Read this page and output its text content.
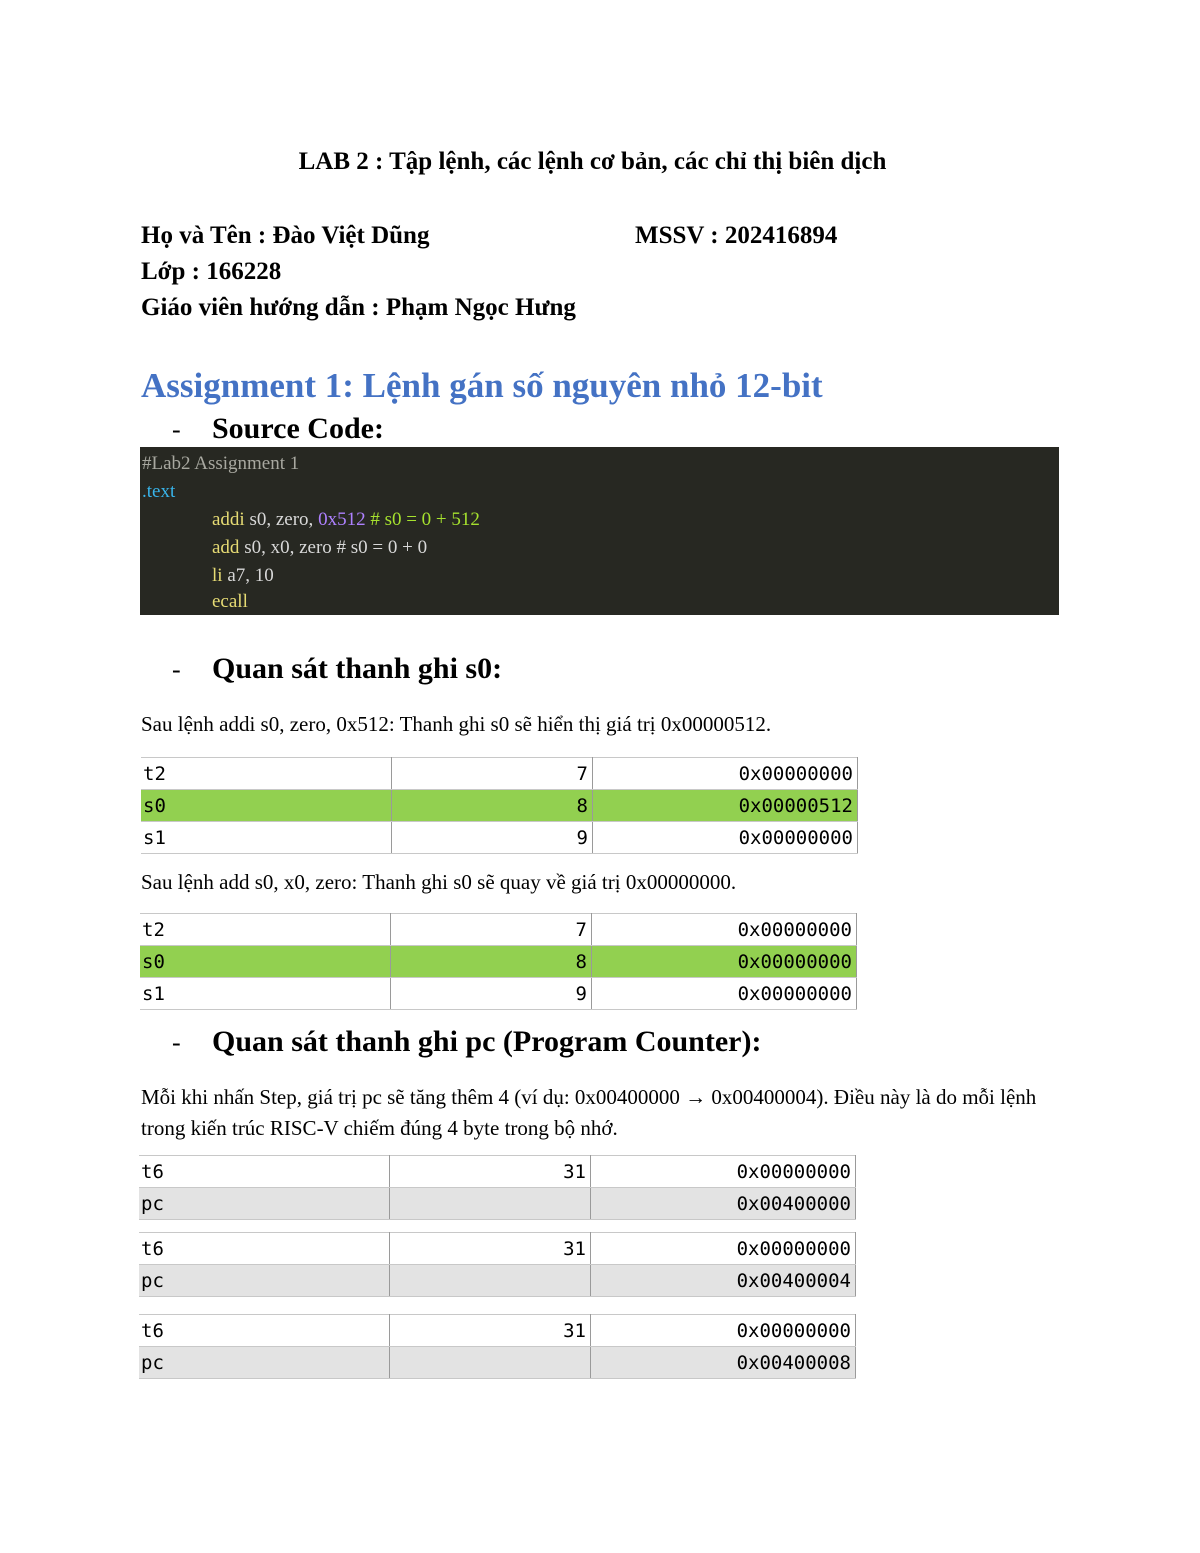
LAB 2 : Tập lệnh, các lệnh cơ bản, các chỉ thị biên dịch
Họ và Tên : Đào Việt Dũng	MSSV : 202416894
Lớp : 166228
Giáo viên hướng dẫn : Phạm Ngọc Hưng
Assignment 1: Lệnh gán số nguyên nhỏ 12-bit
- Source Code:
#Lab2 Assignment 1
.text
addi s0, zero, 0x512 # s0 = 0 + 512
add s0, x0, zero # s0 = 0 + 0
li a7, 10
ecall
- Quan sát thanh ghi s0:
Sau lệnh addi s0, zero, 0x512: Thanh ghi s0 sẽ hiển thị giá trị 0x00000512.
t2	7	0x00000000
s0	8	0x00000512
s1	9	0x00000000
Sau lệnh add s0, x0, zero: Thanh ghi s0 sẽ quay về giá trị 0x00000000.
t2	7	0x00000000
s0	8	0x00000000
s1	9	0x00000000
- Quan sát thanh ghi pc (Program Counter):
Mỗi khi nhấn Step, giá trị pc sẽ tăng thêm 4 (ví dụ: 0x00400000 → 0x00400004). Điều này là do mỗi lệnh trong kiến trúc RISC-V chiếm đúng 4 byte trong bộ nhớ.
t6	31	0x00000000
pc		0x00400000
t6	31	0x00000000
pc		0x00400004
t6	31	0x00000000
pc		0x00400008
